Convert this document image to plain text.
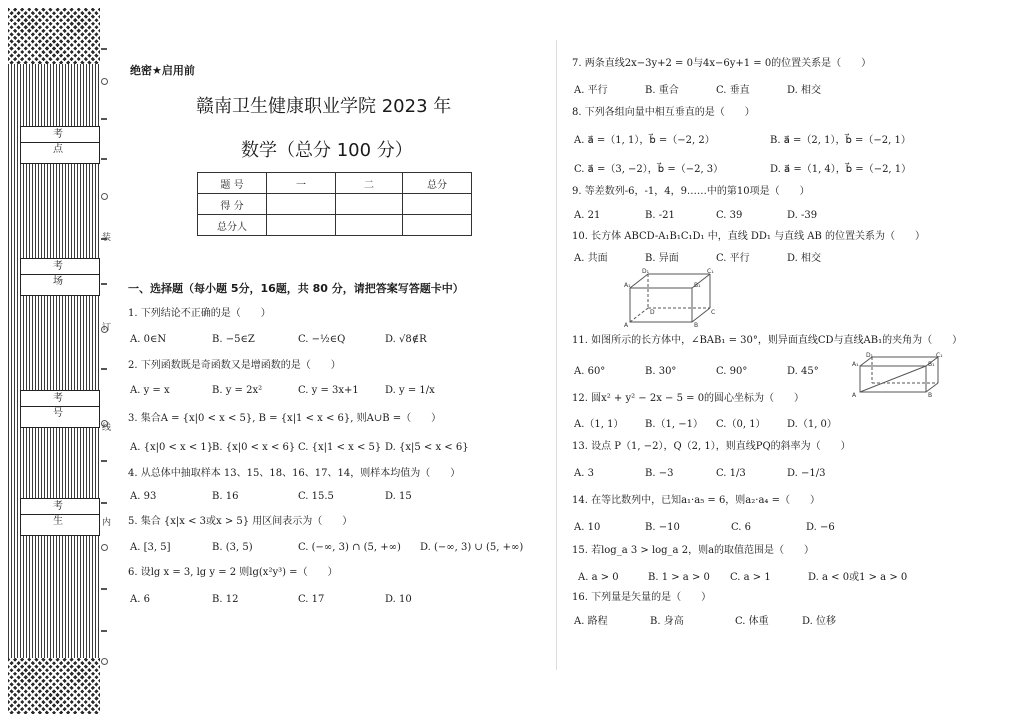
考 点
考 场
考 号
考 生
装
订
线
内
绝密★启用前
赣南卫生健康职业学院 2023 年
数学（总分 100 分）
题 号	一	二	总分
得 分			
总分人			
一、选择题（每小题 5分，16题，共 80 分，请把答案写答题卡中）
1. 下列结论不正确的是（　　）
A. 0∈N	B. −5∈Z	C. −½∈Q	D. √8∉R
2. 下列函数既是奇函数又是增函数的是（　　）
A. y = x	B. y = 2x²	C. y = 3x+1	D. y = 1/x
3. 集合A = {x|0 < x < 5}, B = {x|1 < x < 6}, 则A∪B =（　　）
A. {x|0 < x < 1}
B. {x|0 < x < 6} C. {x|1 < x < 5} D. {x|5 < x < 6}
4. 从总体中抽取样本 13、15、18、16、17、14，则样本均值为（　　）
A. 93	B. 16	C. 15.5	D. 15
5. 集合 {x|x < 3或x > 5} 用区间表示为（　　）
A. [3, 5]	B. (3, 5)	C. (−∞, 3) ∩ (5, +∞) D. (−∞, 3) ∪ (5, +∞)
6. 设lg x = 3, lg y = 2 则lg(x²y³) =（　　）
A. 6	B. 12	C. 17	D. 10
7. 两条直线2x−3y+2 = 0与4x−6y+1 = 0的位置关系是（　　）
A. 平行	B. 重合	C. 垂直	D. 相交
8. 下列各组向量中相互垂直的是（　　）
A. a⃗ =（1, 1），b⃗ =（−2, 2）	B. a⃗ =（2, 1），b⃗ =（−2, 1）
C. a⃗ =（3, −2），b⃗ =（−2, 3）	D. a⃗ =（1, 4），b⃗ =（−2, 1）
9. 等差数列-6，-1，4，9……中的第10项是（　　）
A. 21	B. -21	C. 39	D. -39
10. 长方体 ABCD-A₁B₁C₁D₁ 中，直线 DD₁ 与直线 AB 的位置关系为（　　）
A. 共面	B. 异面	C. 平行	D. 相交
D₁	C₁
A₁	B₁
D	C
A	B
11. 如图所示的长方体中，∠BAB₁ = 30°，则异面直线CD与直线AB₁的夹角为（　　）
A. 60°	B. 30°	C. 90°	D. 45°
D₁	C₁
A₁	B₁
A	B
12. 圆x² + y² − 2x − 5 = 0的圆心坐标为（　　）
A.（1, 1） B.（1, −1） C.（0, 1） D.（1, 0）
13. 设点 P（1, −2），Q（2, 1），则直线PQ的斜率为（　　）
A. 3	B. −3	C. 1/3	D. −1/3
14. 在等比数列中，已知a₁·a₅ = 6，则a₂·a₄ =（　　）
A. 10	B. −10	C. 6	D. −6
15. 若log_a 3 > log_a 2，则a的取值范围是（　　）
A. a > 0	B. 1 > a > 0 C. a > 1	D. a < 0或1 > a > 0
16. 下列量是矢量的是（　　）
A. 路程	B. 身高	C. 体重	D. 位移
